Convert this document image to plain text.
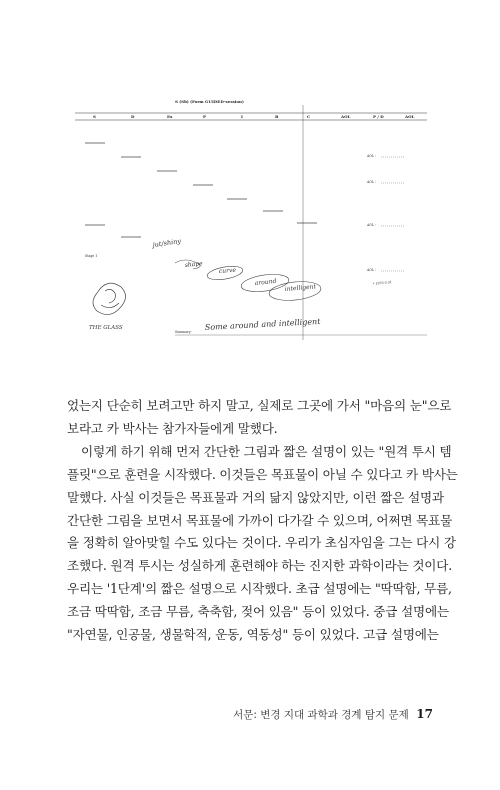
S (Sb) (Form GUIDED-session)
S	D	Ex	P	I	B	C	AOL	P / D	AOL
AOL :
AOL :
AOL :
AOL :
Stage 1
jut/shiny
shape
curve
around
intelligent
THE GLASS
* 1976-3-31
Summary:
Some around and intelligent
었는지 단순히 보려고만 하지 말고, 실제로 그곳에 가서 "마음의 눈"으로
보라고 카 박사는 참가자들에게 말했다.
이렇게 하기 위해 먼저 간단한 그림과 짧은 설명이 있는 "원격 투시 템
플릿"으로 훈련을 시작했다. 이것들은 목표물이 아닐 수 있다고 카 박사는
말했다. 사실 이것들은 목표물과 거의 닮지 않았지만, 이런 짧은 설명과
간단한 그림을 보면서 목표물에 가까이 다가갈 수 있으며, 어쩌면 목표물
을 정확히 알아맞힐 수도 있다는 것이다. 우리가 초심자임을 그는 다시 강
조했다. 원격 투시는 성실하게 훈련해야 하는 진지한 과학이라는 것이다.
우리는 '1단계'의 짧은 설명으로 시작했다. 초급 설명에는 "딱딱함, 무름,
조금 딱딱함, 조금 무름, 축축함, 젖어 있음" 등이 있었다. 중급 설명에는
"자연물, 인공물, 생물학적, 운동, 역동성" 등이 있었다. 고급 설명에는
서문: 변경 지대 과학과 경계 탐지 문제 17
